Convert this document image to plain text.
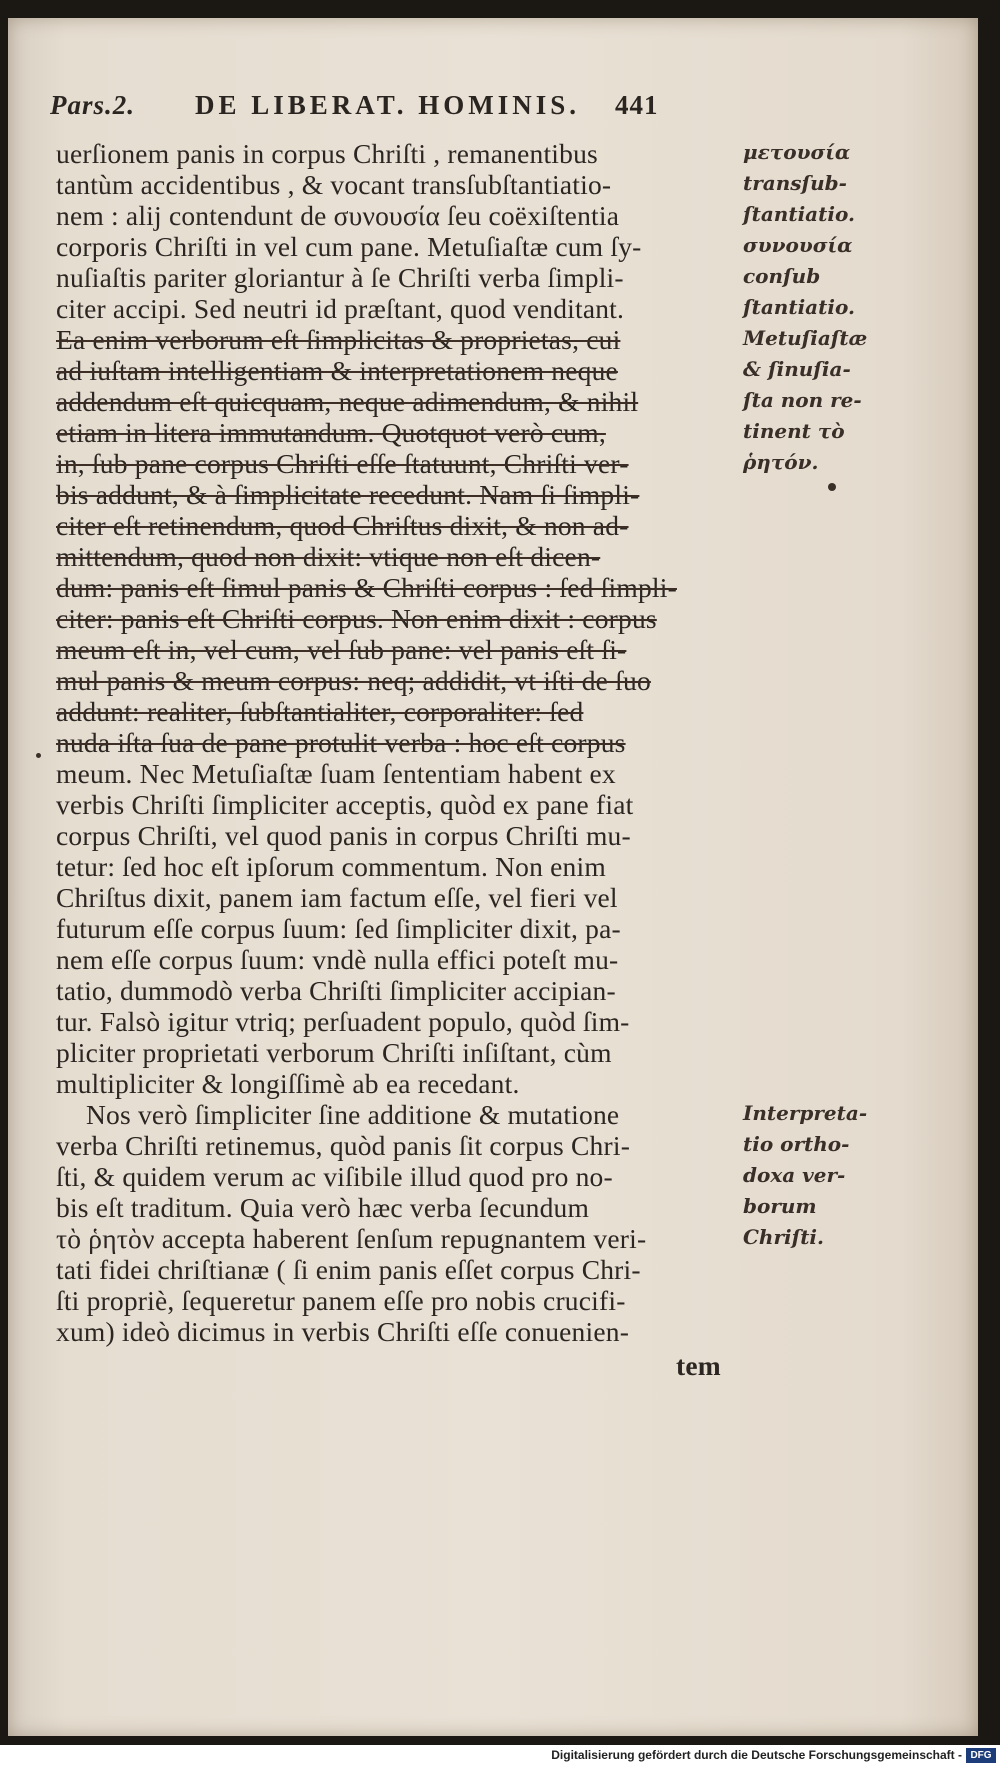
Pars.2. DE LIBERAT. HOMINIS. 441
uerſionem panis in corpus Chriſti , remanentibus
tantùm accidentibus , & vocant transſubſtantiatio-
nem : alij contendunt de συνουσία ſeu coëxiſtentia
corporis Chriſti in vel cum pane. Metuſiaſtæ cum ſy-
nuſiaſtis pariter gloriantur à ſe Chriſti verba ſimpli-
citer accipi. Sed neutri id præſtant, quod venditant.
Ea enim verborum eſt ſimplicitas & proprietas, cui
ad iuſtam intelligentiam & interpretationem neque
addendum eſt quicquam, neque adimendum, & nihil
etiam in litera immutandum. Quotquot verò cum,
in, ſub pane corpus Chriſti eſſe ſtatuunt, Chriſti ver-
bis addunt, & à ſimplicitate recedunt. Nam ſi ſimpli-
citer eſt retinendum, quod Chriſtus dixit, & non ad-
mittendum, quod non dixit: vtique non eſt dicen-
dum: panis eſt ſimul panis & Chriſti corpus : ſed ſimpli-
citer: panis eſt Chriſti corpus. Non enim dixit : corpus
meum eſt in, vel cum, vel ſub pane: vel panis eſt ſi-
mul panis & meum corpus: neq; addidit, vt iſti de ſuo
addunt: realiter, ſubſtantialiter, corporaliter: ſed
nuda iſta ſua de pane protulit verba : hoc eſt corpus
meum. Nec Metuſiaſtæ ſuam ſententiam habent ex
verbis Chriſti ſimpliciter acceptis, quòd ex pane fiat
corpus Chriſti, vel quod panis in corpus Chriſti mu-
tetur: ſed hoc eſt ipſorum commentum. Non enim
Chriſtus dixit, panem iam factum eſſe, vel fieri vel
futurum eſſe corpus ſuum: ſed ſimpliciter dixit, pa-
nem eſſe corpus ſuum: vndè nulla effici poteſt mu-
tatio, dummodò verba Chriſti ſimpliciter accipian-
tur. Falsò igitur vtriq; perſuadent populo, quòd ſim-
pliciter proprietati verborum Chriſti inſiſtant, cùm
multipliciter & longiſſimè ab ea recedant.
Nos verò ſimpliciter ſine additione & mutatione
verba Chriſti retinemus, quòd panis ſit corpus Chri-
ſti, & quidem verum ac viſibile illud quod pro no-
bis eſt traditum. Quia verò hæc verba ſecundum
τὸ ῥητὸν accepta haberent ſenſum repugnantem veri-
tati fidei chriſtianæ ( ſi enim panis eſſet corpus Chri-
ſti propriè, ſequeretur panem eſſe pro nobis crucifi-
xum) ideò dicimus in verbis Chriſti eſſe conuenien-
tem
μετουσία
transſub-
ſtantiatio.
συνουσία
conſub
ſtantiatio.
Metuſiaſtæ
& ſinuſia-
ſta non re-
tinent τὸ
ῥητόν.
Interpreta-
tio ortho-
doxa ver-
borum
Chriſti.
Digitalisierung gefördert durch die Deutsche Forschungsgemeinschaft - DFG
